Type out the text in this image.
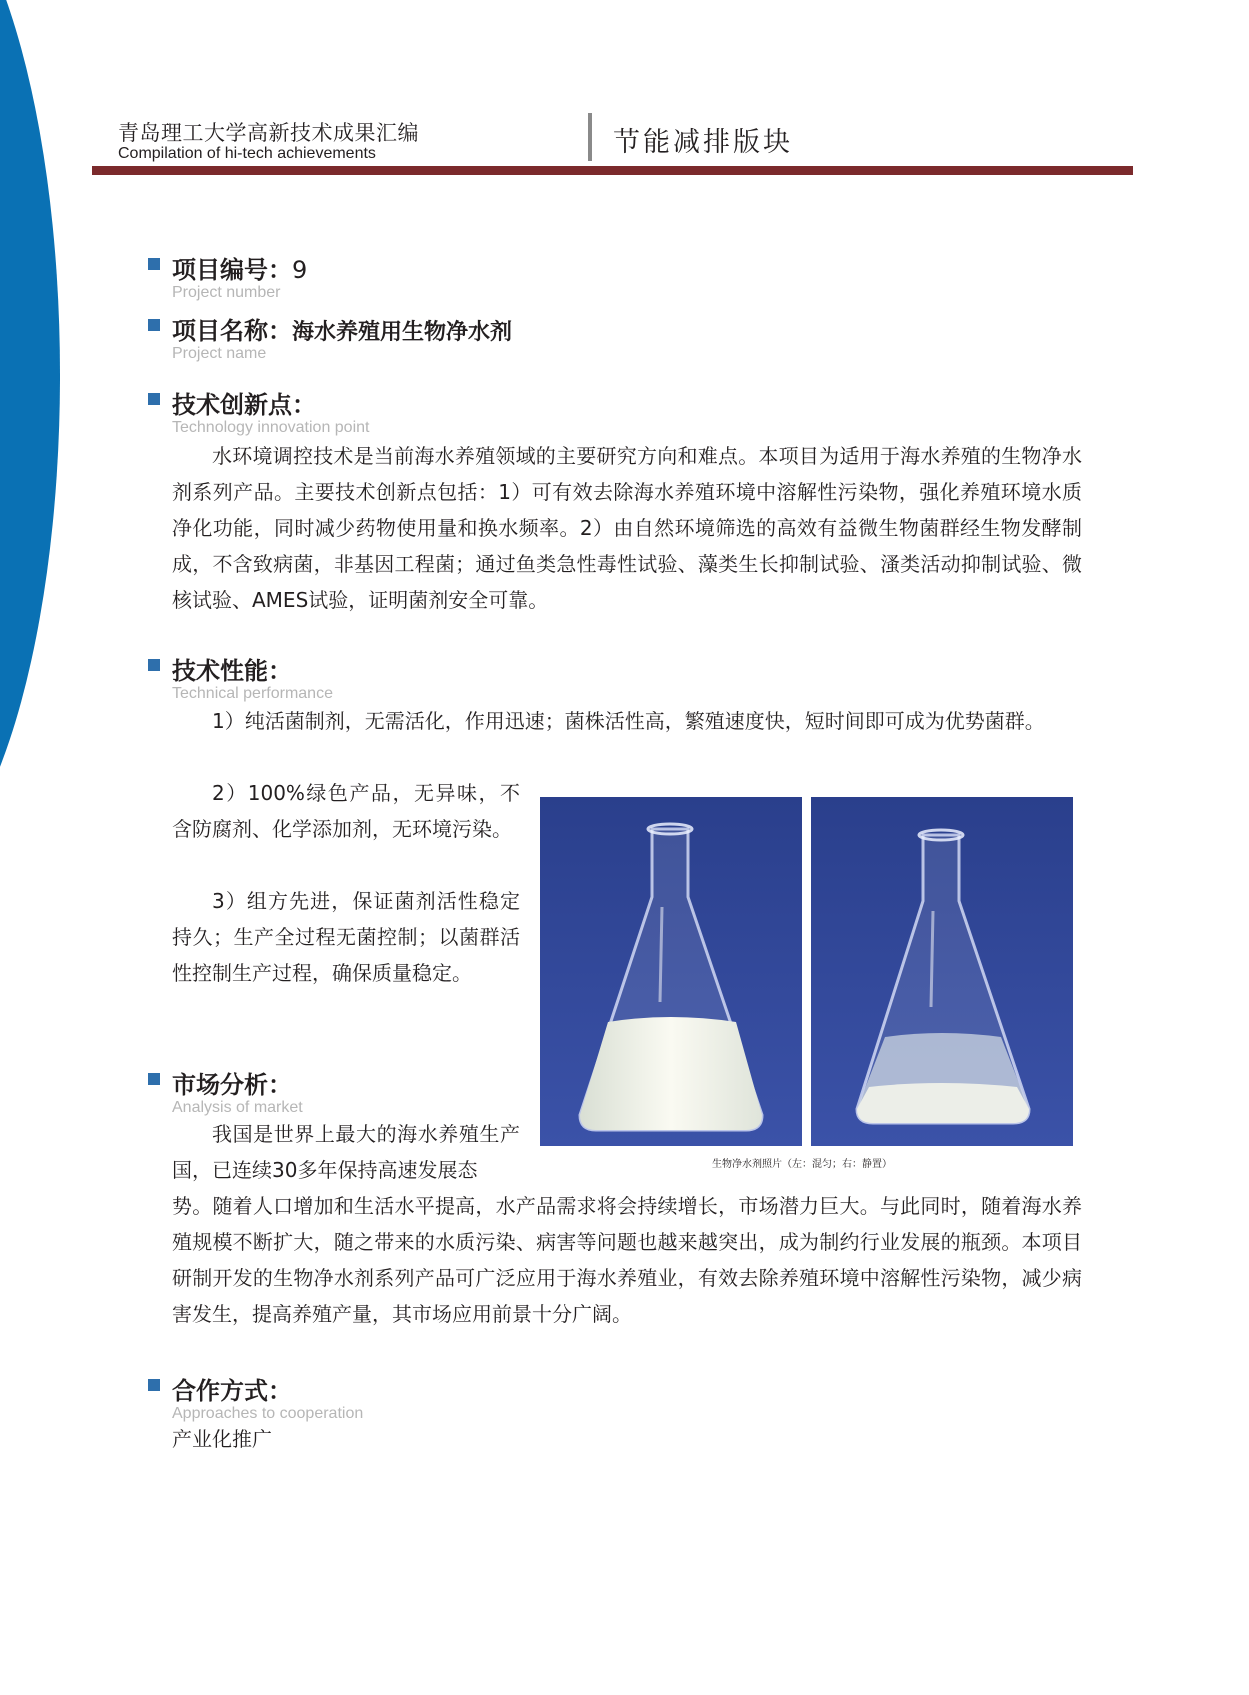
青岛理工大学高新技术成果汇编
Compilation of hi-tech achievements	节能减排版块
项目编号：9
Project number
项目名称：海水养殖用生物净水剂
Project name
技术创新点：
Technology innovation point

水环境调控技术是当前海水养殖领域的主要研究方向和难点。本项目为适用于海水养殖的生物净水剂系列产品。主要技术创新点包括：1）可有效去除海水养殖环境中溶解性污染物，强化养殖环境水质净化功能，同时减少药物使用量和换水频率。2）由自然环境筛选的高效有益微生物菌群经生物发酵制成，不含致病菌，非基因工程菌；通过鱼类急性毒性试验、藻类生长抑制试验、溞类活动抑制试验、微核试验、AMES试验，证明菌剂安全可靠。

技术性能：
Technical performance

1）纯活菌制剂，无需活化，作用迅速；菌株活性高，繁殖速度快，短时间即可成为优势菌群。

2）100%绿色产品，无异味，不含防腐剂、化学添加剂，无环境污染。

3）组方先进，保证菌剂活性稳定持久；生产全过程无菌控制；以菌群活性控制生产过程，确保质量稳定。

生物净水剂照片（左：混匀；右：静置）
市场分析：
Analysis of market

我国是世界上最大的海水养殖生产国，已连续30多年保持高速发展态

势。随着人口增加和生活水平提高，水产品需求将会持续增长，市场潜力巨大。与此同时，随着海水养殖规模不断扩大，随之带来的水质污染、病害等问题也越来越突出，成为制约行业发展的瓶颈。本项目研制开发的生物净水剂系列产品可广泛应用于海水养殖业，有效去除养殖环境中溶解性污染物，减少病害发生，提高养殖产量，其市场应用前景十分广阔。

合作方式：
Approaches to cooperation

产业化推广
